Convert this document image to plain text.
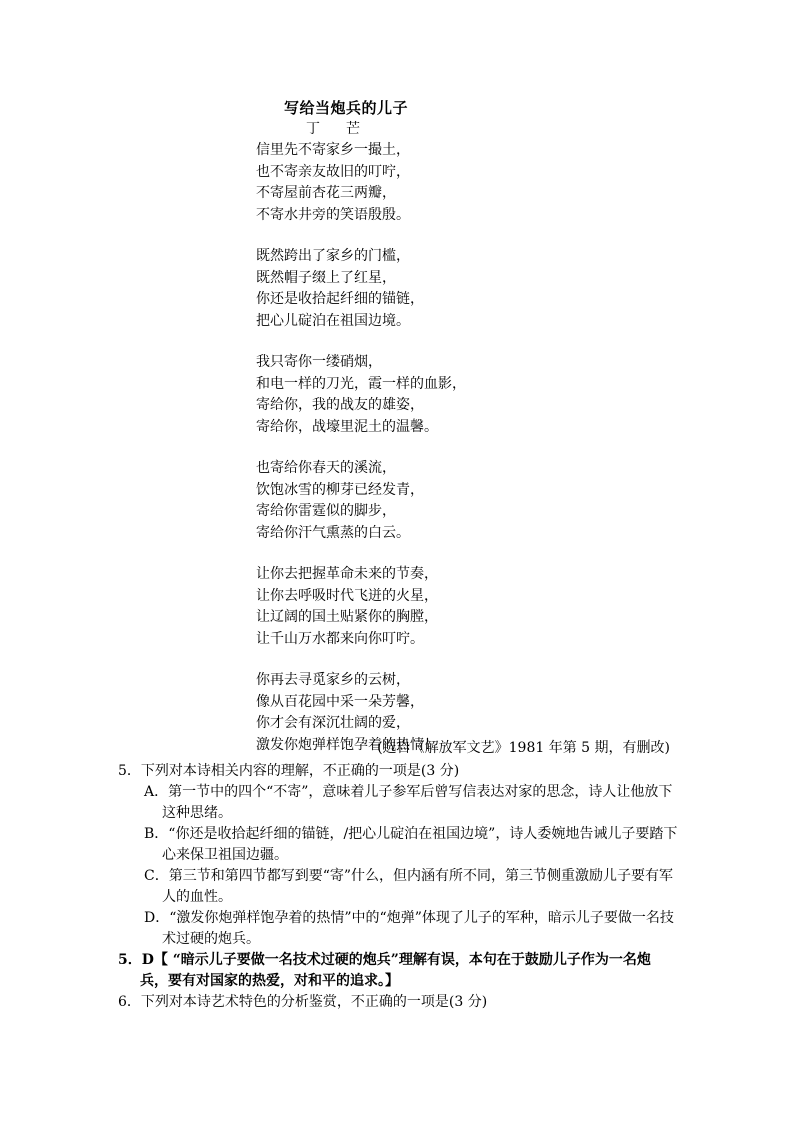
写给当炮兵的儿子
丁　芒
信里先不寄家乡一撮土，
也不寄亲友故旧的叮咛，
不寄屋前杏花三两瓣，
不寄水井旁的笑语殷殷。
既然跨出了家乡的门槛，
既然帽子缀上了红星，
你还是收拾起纤细的锚链，
把心儿碇泊在祖国边境。
我只寄你一缕硝烟，
和电一样的刀光，霞一样的血影，
寄给你，我的战友的雄姿，
寄给你，战壕里泥土的温馨。
也寄给你春天的溪流，
饮饱冰雪的柳芽已经发青，
寄给你雷霆似的脚步，
寄给你汗气熏蒸的白云。
让你去把握革命未来的节奏，
让你去呼吸时代飞迸的火星，
让辽阔的国土贴紧你的胸膛，
让千山万水都来向你叮咛。
你再去寻觅家乡的云树，
像从百花园中采一朵芳馨，
你才会有深沉壮阔的爱，
激发你炮弹样饱孕着的热情！
(选自《解放军文艺》1981 年第 5 期，有删改)
5．下列对本诗相关内容的理解，不正确的一项是(3 分)
A．第一节中的四个“不寄”，意味着儿子参军后曾写信表达对家的思念，诗人让他放下这种思绪。
B．“你还是收拾起纤细的锚链，/把心儿碇泊在祖国边境”，诗人委婉地告诫儿子要踏下心来保卫祖国边疆。
C．第三节和第四节都写到要“寄”什么，但内涵有所不同，第三节侧重激励儿子要有军人的血性。
D．“激发你炮弹样饱孕着的热情”中的“炮弹”体现了儿子的军种，暗示儿子要做一名技术过硬的炮兵。
5．D【 “暗示儿子要做一名技术过硬的炮兵”理解有误，本句在于鼓励儿子作为一名炮兵，要有对国家的热爱，对和平的追求。】
6．下列对本诗艺术特色的分析鉴赏，不正确的一项是(3 分)
